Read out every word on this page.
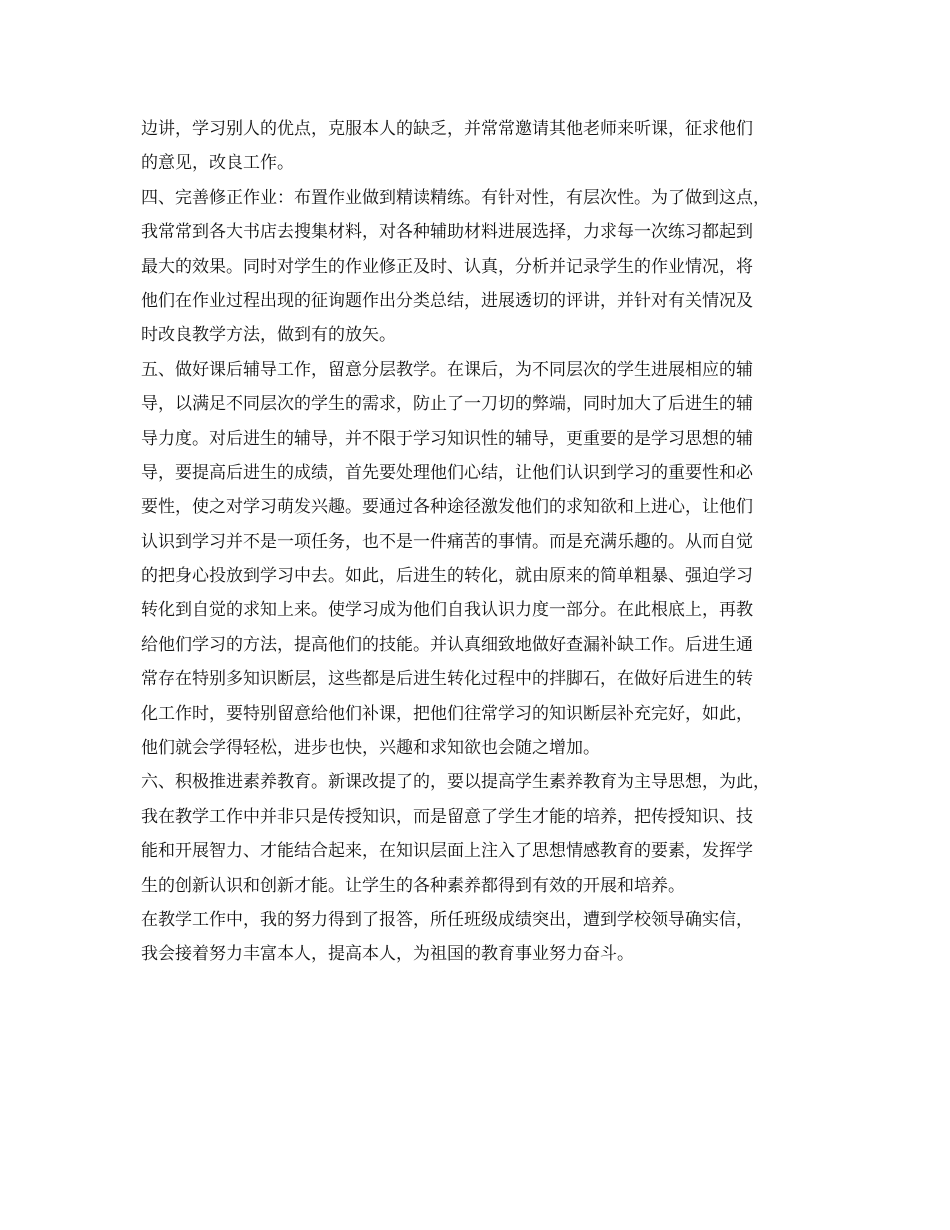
边讲，学习别人的优点，克服本人的缺乏，并常常邀请其他老师来听课，征求他们
的意见，改良工作。
四、完善修正作业：布置作业做到精读精练。有针对性，有层次性。为了做到这点，
我常常到各大书店去搜集材料，对各种辅助材料进展选择，力求每一次练习都起到
最大的效果。同时对学生的作业修正及时、认真，分析并记录学生的作业情况，将
他们在作业过程出现的征询题作出分类总结，进展透切的评讲，并针对有关情况及
时改良教学方法，做到有的放矢。
五、做好课后辅导工作，留意分层教学。在课后，为不同层次的学生进展相应的辅
导，以满足不同层次的学生的需求，防止了一刀切的弊端，同时加大了后进生的辅
导力度。对后进生的辅导，并不限于学习知识性的辅导，更重要的是学习思想的辅
导，要提高后进生的成绩，首先要处理他们心结，让他们认识到学习的重要性和必
要性，使之对学习萌发兴趣。要通过各种途径激发他们的求知欲和上进心，让他们
认识到学习并不是一项任务，也不是一件痛苦的事情。而是充满乐趣的。从而自觉
的把身心投放到学习中去。如此，后进生的转化，就由原来的简单粗暴、强迫学习
转化到自觉的求知上来。使学习成为他们自我认识力度一部分。在此根底上，再教
给他们学习的方法，提高他们的技能。并认真细致地做好查漏补缺工作。后进生通
常存在特别多知识断层，这些都是后进生转化过程中的拌脚石，在做好后进生的转
化工作时，要特别留意给他们补课，把他们往常学习的知识断层补充完好，如此，
他们就会学得轻松，进步也快，兴趣和求知欲也会随之增加。
六、积极推进素养教育。新课改提了的，要以提高学生素养教育为主导思想，为此，
我在教学工作中并非只是传授知识，而是留意了学生才能的培养，把传授知识、技
能和开展智力、才能结合起来，在知识层面上注入了思想情感教育的要素，发挥学
生的创新认识和创新才能。让学生的各种素养都得到有效的开展和培养。
在教学工作中，我的努力得到了报答，所任班级成绩突出，遭到学校领导确实信，
我会接着努力丰富本人，提高本人，为祖国的教育事业努力奋斗。
